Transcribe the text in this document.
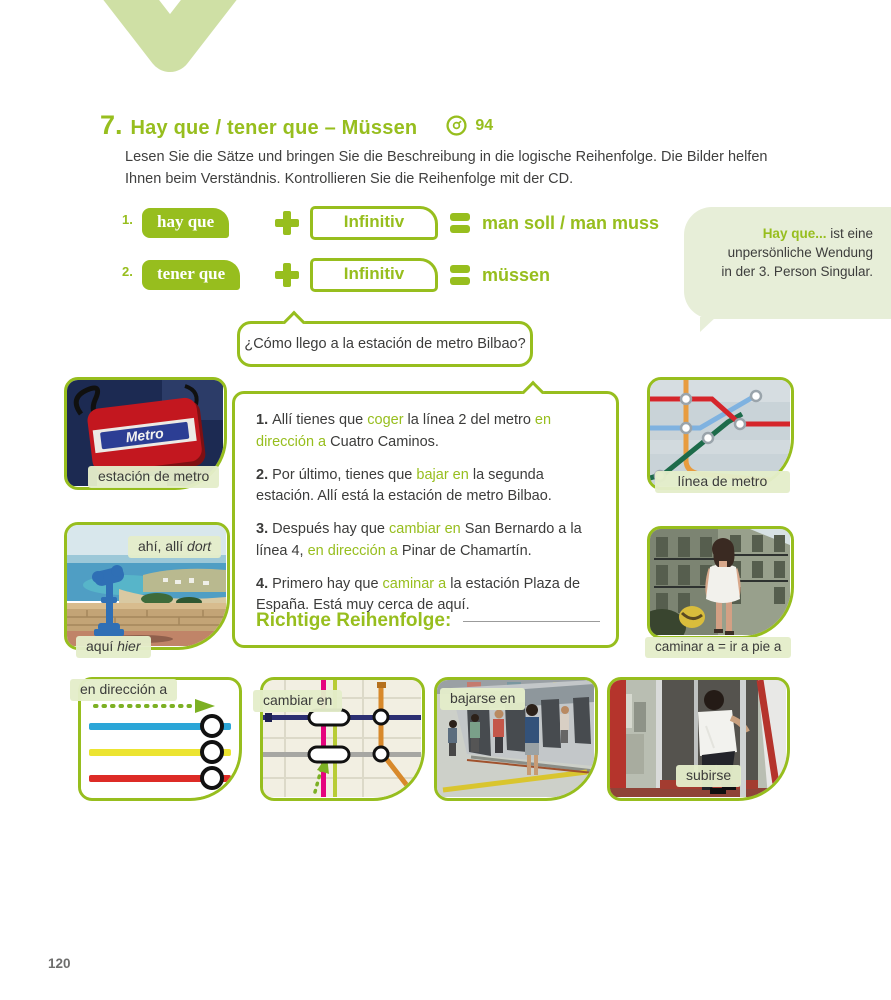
7. Hay que / tener que – Müssen	94
Lesen Sie die Sätze und bringen Sie die Beschreibung in die logische Reihenfolge. Die Bilder helfen
Ihnen beim Verständnis. Kontrollieren Sie die Reihenfolge mit der CD.
1.	hay que	Infinitiv	man soll / man muss
2.	tener que	Infinitiv	müssen
Hay que... ist eine unpersönliche Wendung in der 3. Person Singular.
¿Cómo llego a la estación de metro Bilbao?

1. Allí tienes que coger la línea 2 del metro en dirección a Cuatro Caminos.

2. Por último, tienes que bajar en la segunda estación. Allí está la estación de metro Bilbao.

3. Después hay que cambiar en San Bernardo a la línea 4, en dirección a Pinar de Chamartín.

4. Primero hay que caminar a la estación Plaza de España. Está muy cerca de aquí.

Richtige Reihenfolge:
Metro
estación de metro
ahí, allí dort
aquí hier
línea de metro
caminar a = ir a pie a
en dirección a
cambiar en	bajarse en
subirse
120
